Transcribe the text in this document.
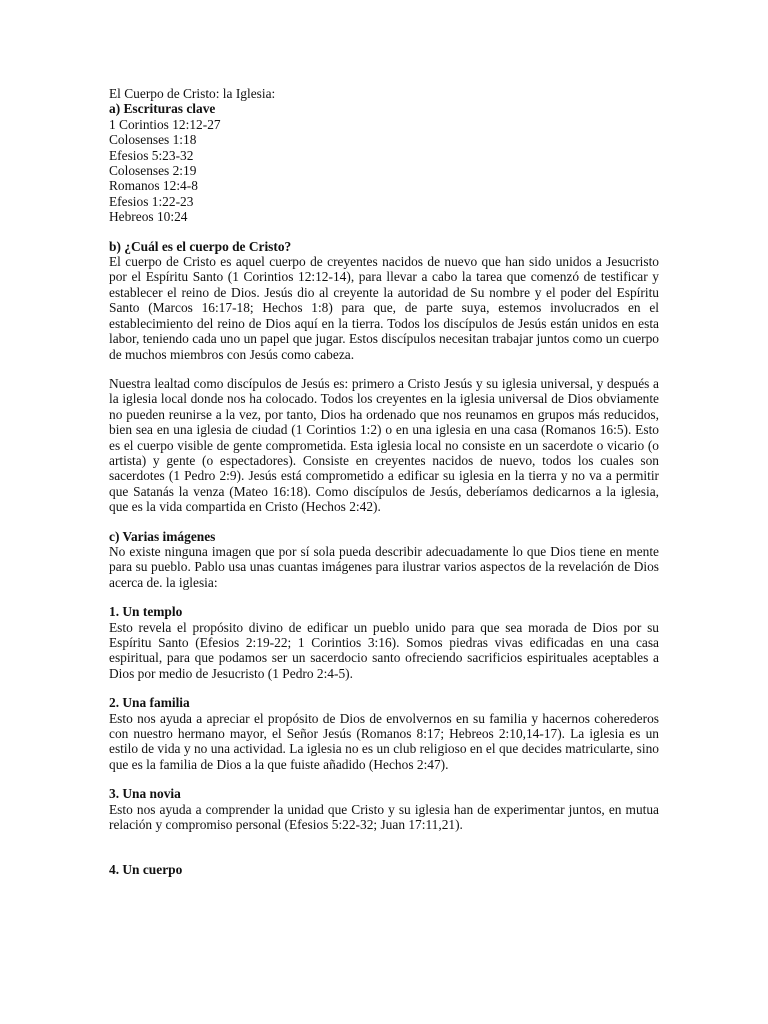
El Cuerpo de Cristo: la Iglesia:

a) Escrituras clave

1 Corintios 12:12-27

Colosenses 1:18

Efesios 5:23-32

Colosenses 2:19

Romanos 12:4-8

Efesios 1:22-23

Hebreos 10:24

b) ¿Cuál es el cuerpo de Cristo?

El cuerpo de Cristo es aquel cuerpo de creyentes nacidos de nuevo que han sido unidos a Jesucristo por el Espíritu Santo (1 Corintios 12:12-14), para llevar a cabo la tarea que comenzó de testificar y establecer el reino de Dios. Jesús dio al creyente la autoridad de Su nombre y el poder del Espíritu Santo (Marcos 16:17-18; Hechos 1:8) para que, de parte suya, estemos involucrados en el establecimiento del reino de Dios aquí en la tierra. Todos los discípulos de Jesús están unidos en esta labor, teniendo cada uno un papel que jugar. Estos discípulos necesitan trabajar juntos como un cuerpo de muchos miembros con Jesús como cabeza.

Nuestra lealtad como discípulos de Jesús es: primero a Cristo Jesús y su iglesia universal, y después a la iglesia local donde nos ha colocado. Todos los creyentes en la iglesia universal de Dios obviamente no pueden reunirse a la vez, por tanto, Dios ha ordenado que nos reunamos en grupos más reducidos, bien sea en una iglesia de ciudad (1 Corintios 1:2) o en una iglesia en una casa (Romanos 16:5). Esto es el cuerpo visible de gente comprometida. Esta iglesia local no consiste en un sacerdote o vicario (o artista) y gente (o espectadores). Consiste en creyentes nacidos de nuevo, todos los cuales son sacerdotes (1 Pedro 2:9). Jesús está comprometido a edificar su iglesia en la tierra y no va a permitir que Satanás la venza (Mateo 16:18). Como discípulos de Jesús, deberíamos dedicarnos a la iglesia, que es la vida compartida en Cristo (Hechos 2:42).

c) Varias imágenes

No existe ninguna imagen que por sí sola pueda describir adecuadamente lo que Dios tiene en mente para su pueblo. Pablo usa unas cuantas imágenes para ilustrar varios aspectos de la revelación de Dios acerca de. la iglesia:

1. Un templo

Esto revela el propósito divino de edificar un pueblo unido para que sea morada de Dios por su Espíritu Santo (Efesios 2:19-22; 1 Corintios 3:16). Somos piedras vivas edificadas en una casa espiritual, para que podamos ser un sacerdocio santo ofreciendo sacrificios espirituales aceptables a Dios por medio de Jesucristo (1 Pedro 2:4-5).

2. Una familia

Esto nos ayuda a apreciar el propósito de Dios de envolvernos en su familia y hacernos coherederos con nuestro hermano mayor, el Señor Jesús (Romanos 8:17; Hebreos 2:10,14-17). La iglesia es un estilo de vida y no una actividad. La iglesia no es un club religioso en el que decides matricularte, sino que es la familia de Dios a la que fuiste añadido (Hechos 2:47).

3. Una novia

Esto nos ayuda a comprender la unidad que Cristo y su iglesia han de experimentar juntos, en mutua relación y compromiso personal (Efesios 5:22-32; Juan 17:11,21).

4. Un cuerpo
